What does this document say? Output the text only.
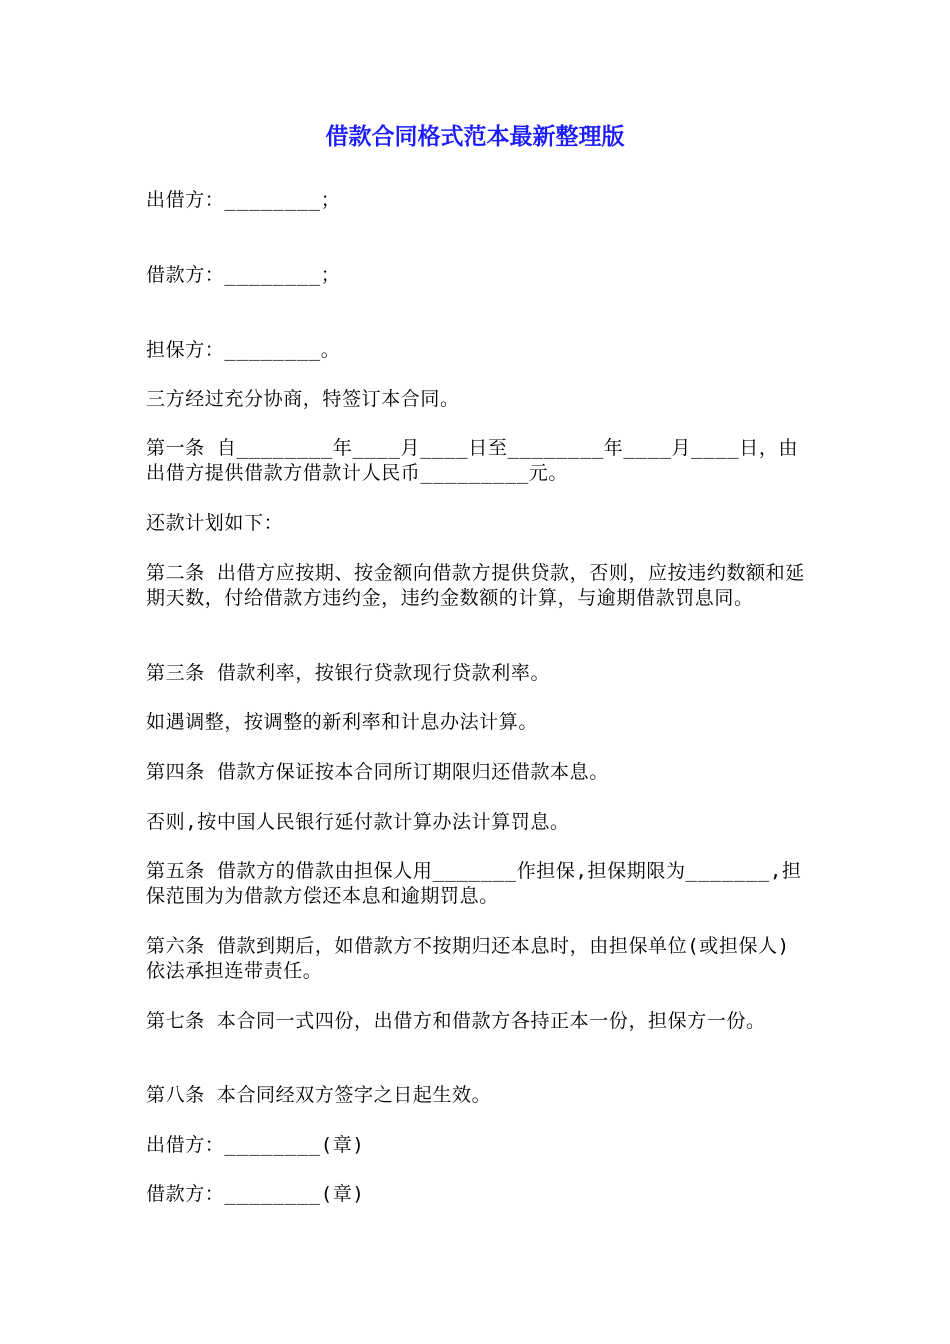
借款合同格式范本最新整理版

出借方：________；

借款方：________；

担保方：________。

三方经过充分协商，特签订本合同。

第一条 自________年____月____日至________年____月____日，由出借方提供借款方借款计人民币_________元。

还款计划如下：

第二条 出借方应按期、按金额向借款方提供贷款，否则，应按违约数额和延期天数，付给借款方违约金，违约金数额的计算，与逾期借款罚息同。

第三条 借款利率，按银行贷款现行贷款利率。

如遇调整，按调整的新利率和计息办法计算。

第四条 借款方保证按本合同所订期限归还借款本息。

否则,按中国人民银行延付款计算办法计算罚息。

第五条 借款方的借款由担保人用_______作担保,担保期限为_______,担保范围为为借款方偿还本息和逾期罚息。

第六条 借款到期后，如借款方不按期归还本息时，由担保单位(或担保人)依法承担连带责任。

第七条 本合同一式四份，出借方和借款方各持正本一份，担保方一份。

第八条 本合同经双方签字之日起生效。

出借方：________(章)

借款方：________(章)
